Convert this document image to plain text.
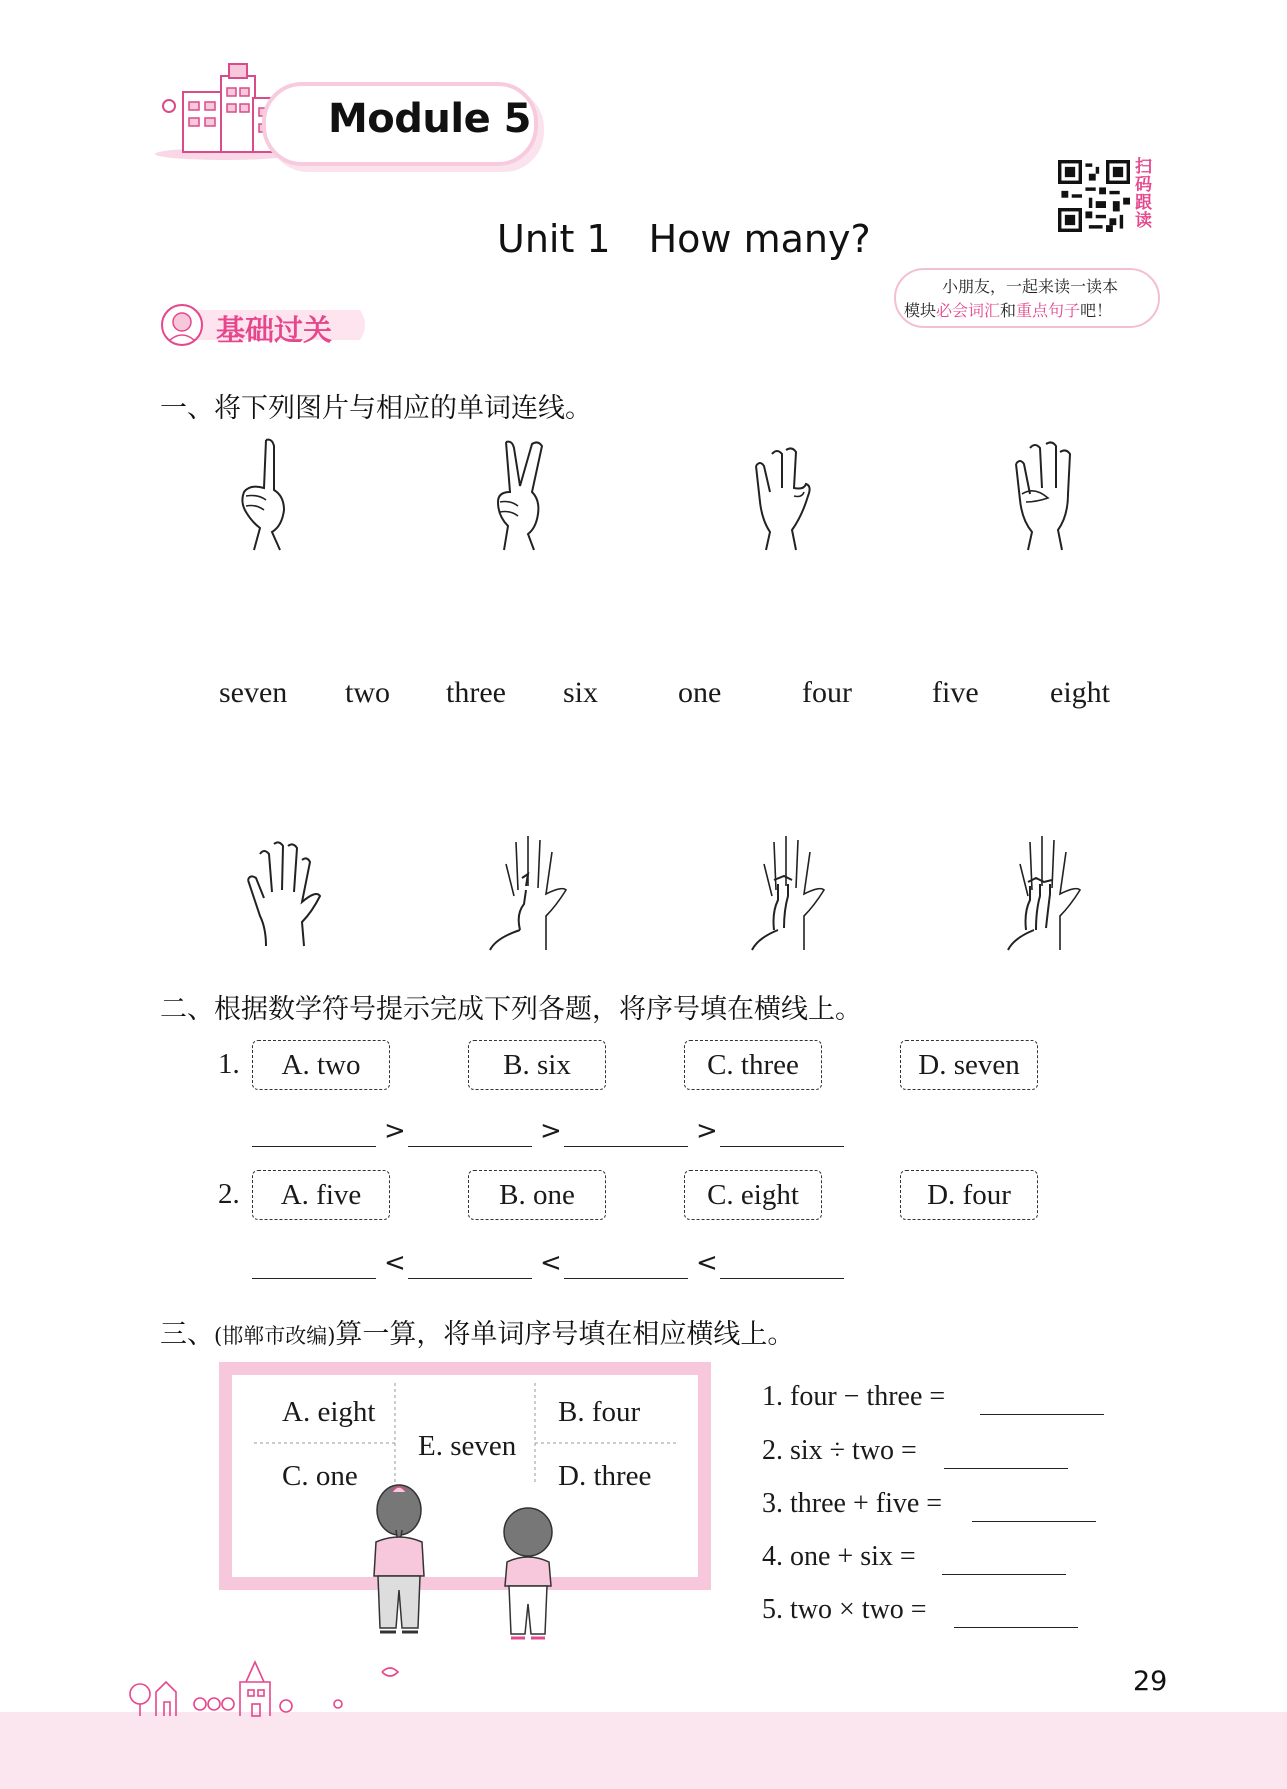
Module 5
Unit 1　How many?
扫码跟读
小朋友，一起来读一读本
模块必会词汇和重点句子吧！
基础过关
一、将下列图片与相应的单词连线。
seven two three six	one	four	five eight
二、根据数学符号提示完成下列各题，将序号填在横线上。
1.	A. two	B. six	C. three	D. seven
>	>	>
2.	A. five	B. one	C. eight	D. four
<	<	<
三、(邯郸市改编)算一算，将单词序号填在相应横线上。
A. eight	B. four
E. seven
C. one	D. three
1. four − three =
2. six ÷ two =
3. three + five =
4. one + six =
5. two × two =
29
